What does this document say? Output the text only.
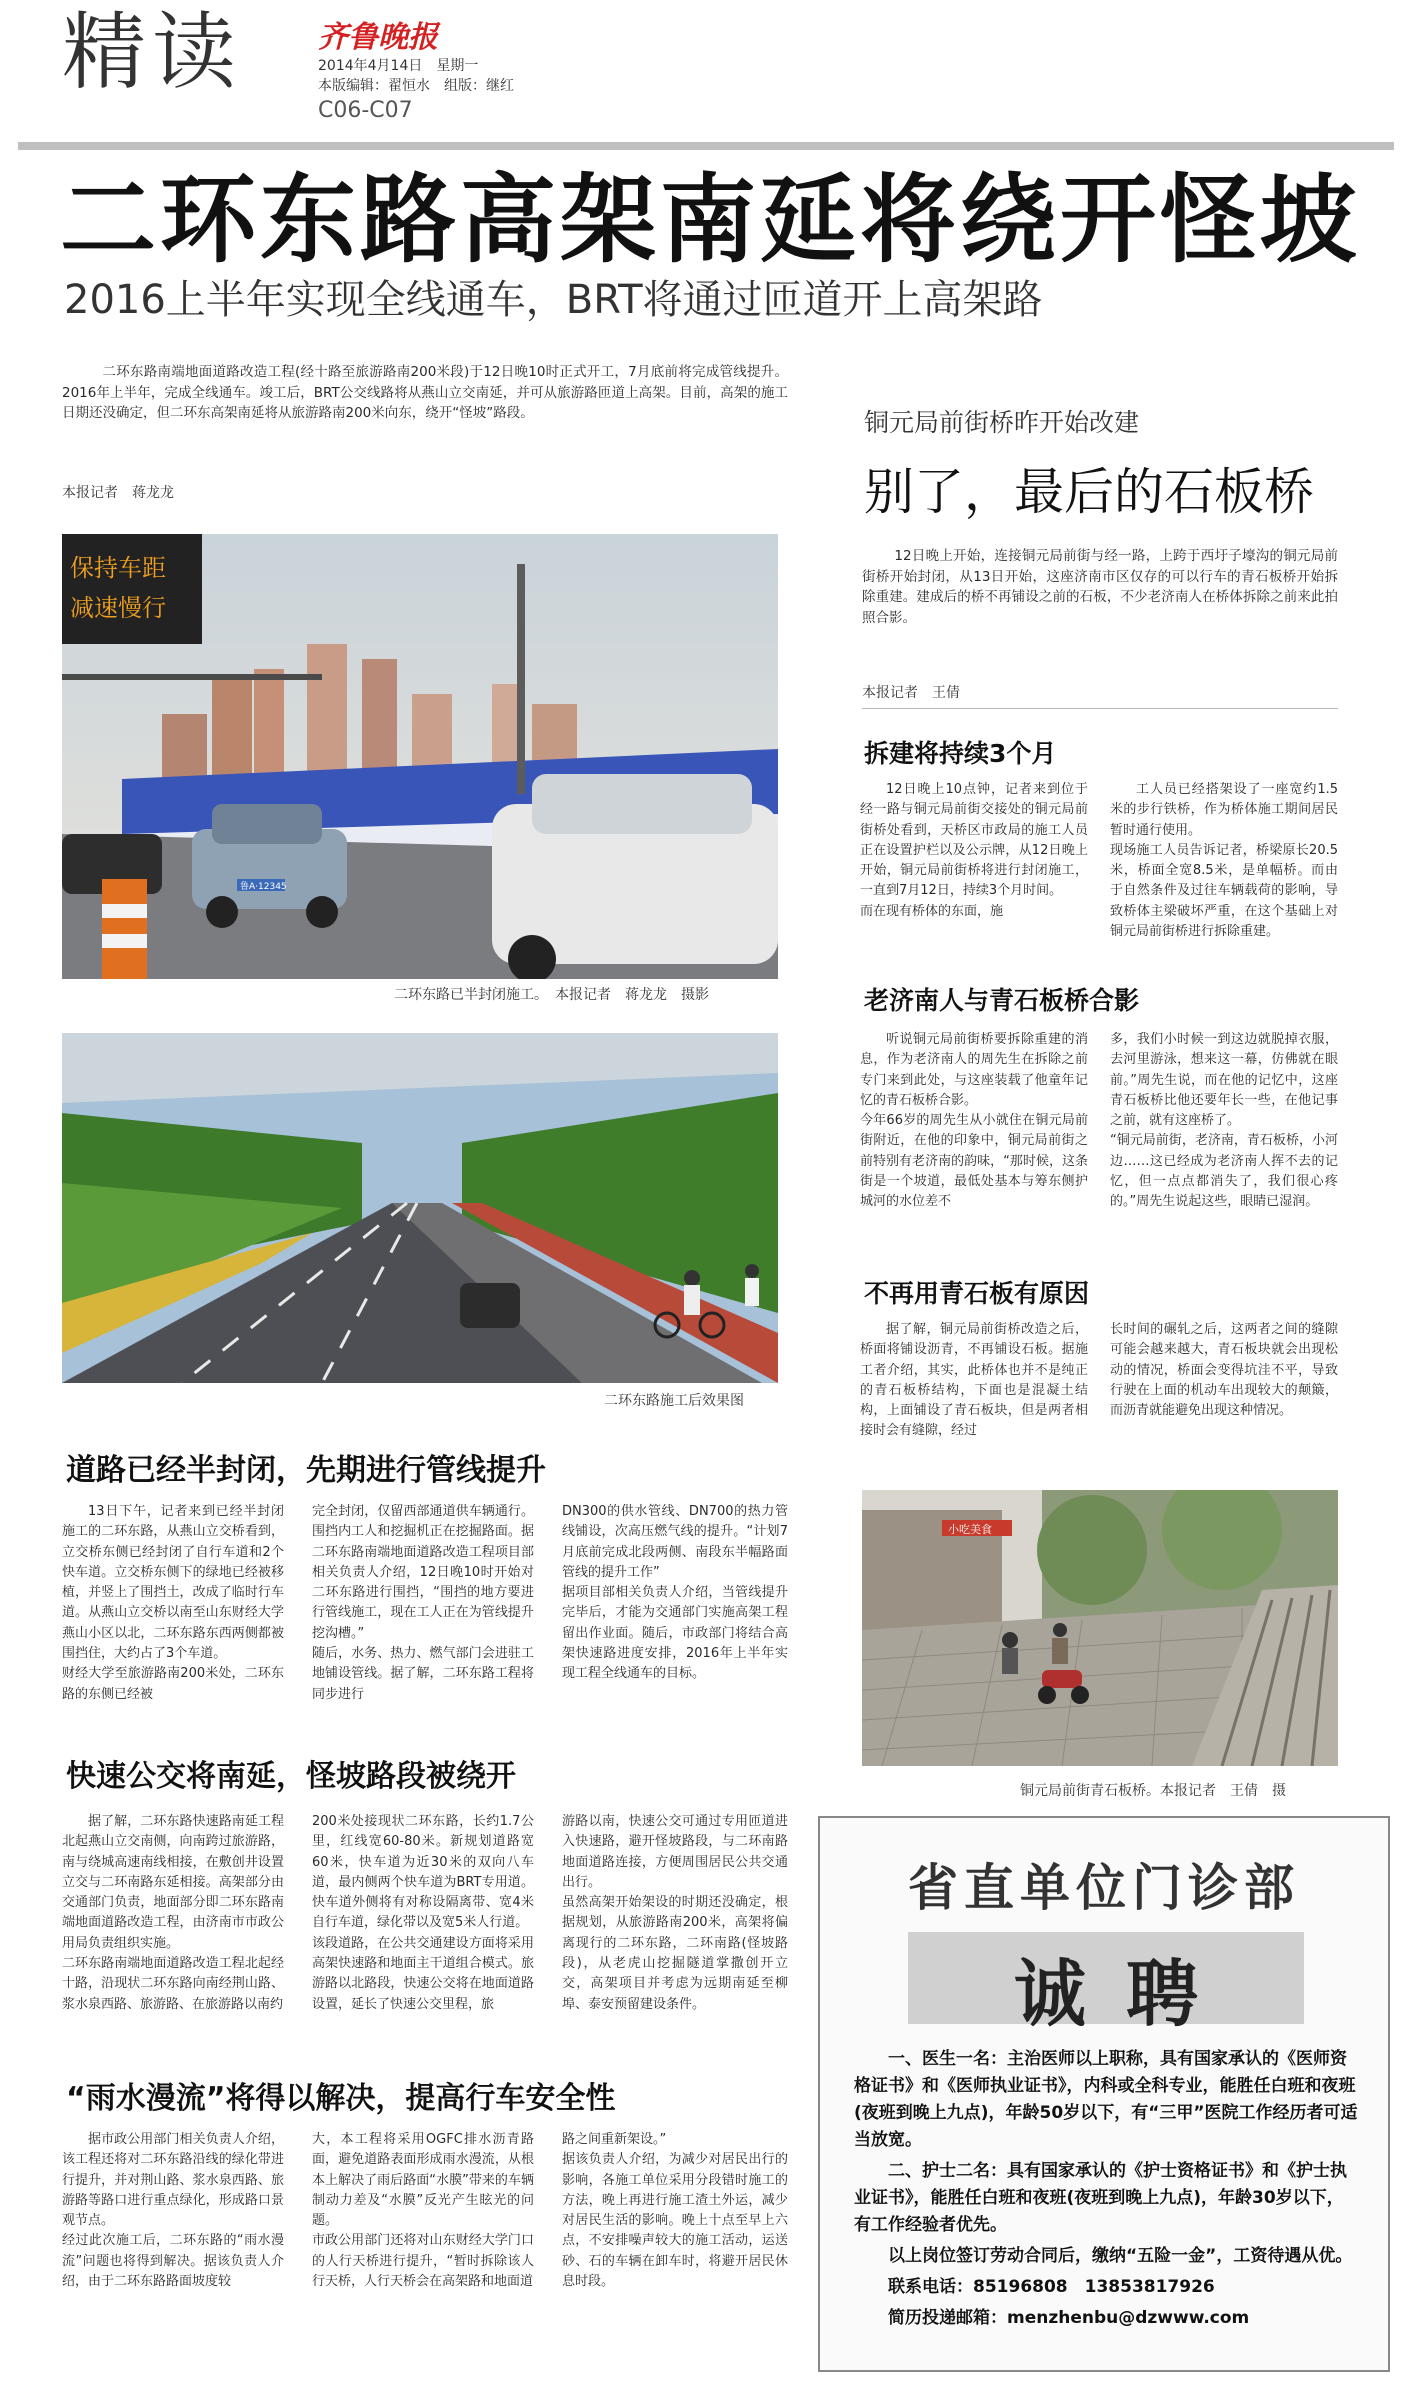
精读	齐鲁晚报
2014年4月14日　星期一
本版编辑：翟恒水　组版：继红
C06-C07
二环东路高架南延将绕开怪坡
2016上半年实现全线通车，BRT将通过匝道开上高架路
二环东路南端地面道路改造工程(经十路至旅游路南200米段)于12日晚10时正式开工，7月底前将完成管线提升。2016年上半年，完成全线通车。竣工后，BRT公交线路将从燕山立交南延，并可从旅游路匝道上高架。目前，高架的施工日期还没确定，但二环东高架南延将从旅游路南200米向东，绕开“怪坡”路段。
本报记者　蒋龙龙
保持车距
减速慢行
鲁A·12345
二环东路已半封闭施工。　本报记者　蒋龙龙　摄影
二环东路施工后效果图
道路已经半封闭，先期进行管线提升
13日下午，记者来到已经半封闭施工的二环东路，从燕山立交桥看到，立交桥东侧已经封闭了自行车道和2个快车道。立交桥东侧下的绿地已经被移植，并竖上了围挡土，改成了临时行车道。从燕山立交桥以南至山东财经大学燕山小区以北，二环东路东西两侧都被围挡住，大约占了3个车道。
财经大学至旅游路南200米处，二环东路的东侧已经被
完全封闭，仅留西部通道供车辆通行。围挡内工人和挖掘机正在挖掘路面。据二环东路南端地面道路改造工程项目部相关负责人介绍，12日晚10时开始对二环东路进行围挡，“围挡的地方要进行管线施工，现在工人正在为管线提升挖沟槽。”
随后，水务、热力、燃气部门会进驻工地铺设管线。据了解，二环东路工程将同步进行
DN300的供水管线、DN700的热力管线铺设，次高压燃气线的提升。“计划7月底前完成北段两侧、南段东半幅路面管线的提升工作”
据项目部相关负责人介绍，当管线提升完毕后，才能为交通部门实施高架工程留出作业面。随后，市政部门将结合高架快速路进度安排，2016年上半年实现工程全线通车的目标。
快速公交将南延，怪坡路段被绕开
据了解，二环东路快速路南延工程北起燕山立交南侧，向南跨过旅游路，南与绕城高速南线相接，在敷创井设置立交与二环南路东延相接。高架部分由交通部门负责，地面部分即二环东路南端地面道路改造工程，由济南市市政公用局负责组织实施。
二环东路南端地面道路改造工程北起经十路，沿现状二环东路向南经荆山路、浆水泉西路、旅游路、在旅游路以南约
200米处接现状二环东路，长约1.7公里，红线宽60-80米。新规划道路宽60米，快车道为近30米的双向八车道，最内侧两个快车道为BRT专用道。快车道外侧将有对称设隔离带、宽4米自行车道，绿化带以及宽5米人行道。
该段道路，在公共交通建设方面将采用高架快速路和地面主干道组合模式。旅游路以北路段，快速公交将在地面道路设置，延长了快速公交里程，旅
游路以南，快速公交可通过专用匝道进入快速路，避开怪坡路段，与二环南路地面道路连接，方便周围居民公共交通出行。
虽然高架开始架设的时期还没确定，根据规划，从旅游路南200米，高架将偏离现行的二环东路，二环南路(怪坡路段)，从老虎山挖掘隧道掌撒创开立交，高架项目并考虑为远期南延至柳埠、泰安预留建设条件。
“雨水漫流”将得以解决，提高行车安全性
据市政公用部门相关负责人介绍，该工程还将对二环东路沿线的绿化带进行提升，并对荆山路、浆水泉西路、旅游路等路口进行重点绿化，形成路口景观节点。
经过此次施工后，二环东路的“雨水漫流”问题也将得到解决。据该负责人介绍，由于二环东路路面坡度较
大，本工程将采用OGFC排水沥青路面，避免道路表面形成雨水漫流，从根本上解决了雨后路面“水膜”带来的车辆制动力差及“水膜”反光产生眩光的问题。
市政公用部门还将对山东财经大学门口的人行天桥进行提升，“暂时拆除该人行天桥，人行天桥会在高架路和地面道
路之间重新架设。”
据该负责人介绍，为减少对居民出行的影响，各施工单位采用分段错时施工的方法，晚上再进行施工渣土外运，减少对居民生活的影响。晚上十点至早上六点，不安排噪声较大的施工活动，运送砂、石的车辆在卸车时，将避开居民休息时段。
铜元局前街桥昨开始改建
别了，最后的石板桥
12日晚上开始，连接铜元局前街与经一路，上跨于西圩子壕沟的铜元局前街桥开始封闭，从13日开始，这座济南市区仅存的可以行车的青石板桥开始拆除重建。建成后的桥不再铺设之前的石板，不少老济南人在桥体拆除之前来此拍照合影。
本报记者　王倩
拆建将持续3个月
12日晚上10点钟，记者来到位于经一路与铜元局前街交接处的铜元局前街桥处看到，天桥区市政局的施工人员正在设置护栏以及公示牌，从12日晚上开始，铜元局前街桥将进行封闭施工，一直到7月12日，持续3个月时间。
而在现有桥体的东面，施
工人员已经搭架设了一座宽约1.5米的步行铁桥，作为桥体施工期间居民暂时通行使用。
现场施工人员告诉记者，桥梁原长20.5米，桥面全宽8.5米，是单幅桥。而由于自然条件及过往车辆载荷的影响，导致桥体主梁破坏严重，在这个基础上对铜元局前街桥进行拆除重建。
老济南人与青石板桥合影
听说铜元局前街桥要拆除重建的消息，作为老济南人的周先生在拆除之前专门来到此处，与这座装载了他童年记忆的青石板桥合影。
今年66岁的周先生从小就住在铜元局前街附近，在他的印象中，铜元局前街之前特别有老济南的韵味，“那时候，这条街是一个坡道，最低处基本与筹东侧护城河的水位差不
多，我们小时候一到这边就脱掉衣服，去河里游泳，想来这一幕，仿佛就在眼前。”周先生说，而在他的记忆中，这座青石板桥比他还要年长一些，在他记事之前，就有这座桥了。
“铜元局前街，老济南，青石板桥，小河边……这已经成为老济南人挥不去的记忆，但一点点都消失了，我们很心疼的。”周先生说起这些，眼睛已湿润。
不再用青石板有原因
据了解，铜元局前街桥改造之后，桥面将铺设沥青，不再铺设石板。据施工者介绍，其实，此桥体也并不是纯正的青石板桥结构，下面也是混凝土结构，上面铺设了青石板块，但是两者相接时会有缝隙，经过
长时间的碾轧之后，这两者之间的缝隙可能会越来越大，青石板块就会出现松动的情况，桥面会变得坑洼不平，导致行驶在上面的机动车出现较大的颠簸，而沥青就能避免出现这种情况。
小吃美食
铜元局前街青石板桥。本报记者　王倩　摄
省直单位门诊部
诚聘
一、医生一名：主治医师以上职称，具有国家承认的《医师资格证书》和《医师执业证书》，内科或全科专业，能胜任白班和夜班(夜班到晚上九点)，年龄50岁以下，有“三甲”医院工作经历者可适当放宽。
二、护士二名：具有国家承认的《护士资格证书》和《护士执业证书》，能胜任白班和夜班(夜班到晚上九点)，年龄30岁以下，有工作经验者优先。
以上岗位签订劳动合同后，缴纳“五险一金”，工资待遇从优。
联系电话：85196808　13853817926
简历投递邮箱：menzhenbu@dzwww.com
